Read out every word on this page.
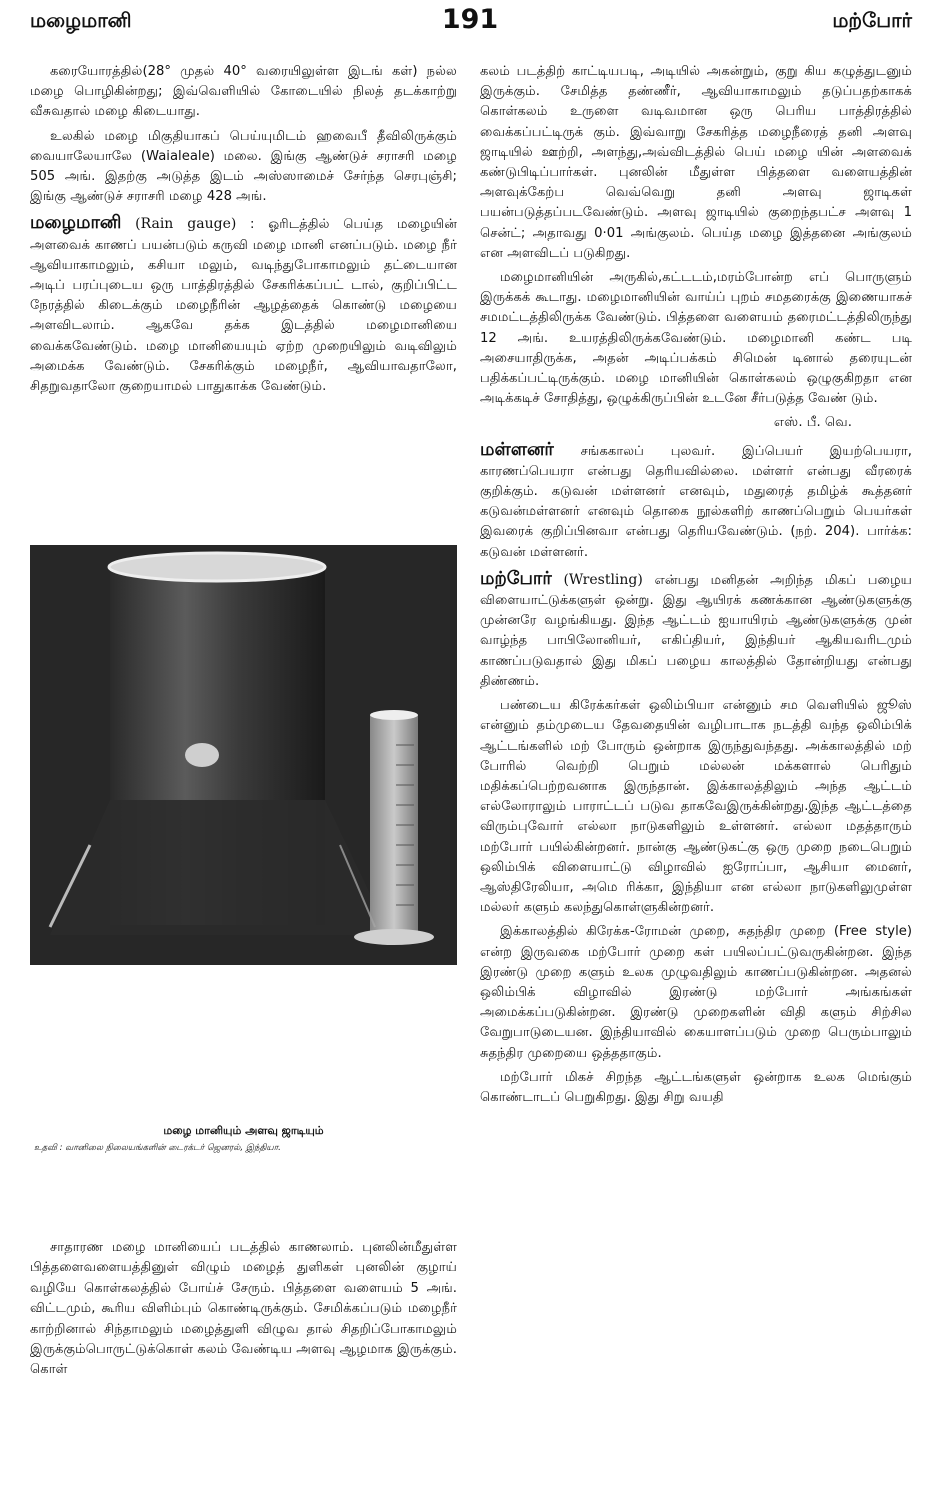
மழைமானி	191	மற்போர்

கரையோரத்தில்(28° முதல் 40° வரையிலுள்ள இடங் கள்) நல்ல மழை பொழிகின்றது; இவ்வெளியில் கோடையில் நிலத் தடக்காற்று வீசுவதால் மழை கிடையாது.

உலகில் மழை மிகுதியாகப் பெய்யுமிடம் ஹவைபீ தீவிலிருக்கும் வையாலேயாலே (Waialeale) மலை. இங்கு ஆண்டுச் சராசரி மழை 505 அங். இதற்கு அடுத்த இடம் அஸ்ஸாமைச் சேர்ந்த செரபுஞ்சி; இங்கு ஆண்டுச் சராசரி மழை 428 அங்.

மழைமானி (Rain gauge) : ஓரிடத்தில் பெய்த மழையின் அளவைக் காணப் பயன்படும் கருவி மழை மானி எனப்படும். மழை நீர் ஆவியாகாமலும், கசியா மலும், வடிந்துபோகாமலும் தட்டையான அடிப் பரப்புடைய ஒரு பாத்திரத்தில் சேகரிக்கப்பட் டால், குறிப்பிட்ட நேரத்தில் கிடைக்கும் மழைநீரின் ஆழத்தைக் கொண்டு மழையை அளவிடலாம். ஆகவே தக்க இடத்தில் மழைமானியை வைக்கவேண்டும். மழை மானியையும் ஏற்ற முறையிலும் வடிவிலும் அமைக்க வேண்டும். சேகரிக்கும் மழைநீர், ஆவியாவதாலோ, சிதறுவதாலோ குறையாமல் பாதுகாக்க வேண்டும்.

மழை மானியும் அளவு ஜாடியும்
உதவி : வானிலை நிலையங்களின் டைரக்டர் ஜெனரல், இந்தியா.

சாதாரண மழை மானியைப் படத்தில் காணலாம். புனலின்மீதுள்ள பித்தளைவளையத்தினுள் விழும் மழைத் துளிகள் புனலின் குழாய் வழியே கொள்கலத்தில் போய்ச் சேரும். பித்தளை வளையம் 5 அங். விட்டமும், கூரிய விளிம்பும் கொண்டிருக்கும். சேமிக்கப்படும் மழைநீர் காற்றினால் சிந்தாமலும் மழைத்துளி விழுவ தால் சிதறிப்போகாமலும் இருக்கும்பொருட்டுக்கொள் கலம் வேண்டிய அளவு ஆழமாக இருக்கும். கொள்

கலம் படத்திற் காட்டியபடி, அடியில் அகன்றும், குறு கிய கழுத்துடனும் இருக்கும். சேமித்த தண்ணீர், ஆவியாகாமலும் தடுப்பதற்காகக் கொள்கலம் உருளை வடிவமான ஒரு பெரிய பாத்திரத்தில் வைக்கப்பட்டிருக் கும். இவ்வாறு சேகரித்த மழைநீரைத் தனி அளவு ஜாடியில் ஊற்றி, அளந்து,அவ்விடத்தில் பெய் மழை யின் அளவைக் கண்டுபிடிப்பார்கள். புனலின் மீதுள்ள பித்தளை வளையத்தின் அளவுக்கேற்ப வெவ்வெறு தனி அளவு ஜாடிகள் பயன்படுத்தப்படவேண்டும். அளவு ஜாடியில் குறைந்தபட்ச அளவு 1 சென்ட்; அதாவது 0·01 அங்குலம். பெய்த மழை இத்தனை அங்குலம் என அளவிடப் படுகிறது.

மழைமானியின் அருகில்,கட்டடம்,மரம்போன்ற எப் பொருளும் இருக்கக் கூடாது. மழைமானியின் வாய்ப் புறம் சமதரைக்கு இணையாகச் சமமட்டத்திலிருக்க வேண்டும். பித்தளை வளையம் தரைமட்டத்திலிருந்து 12 அங். உயரத்திலிருக்கவேண்டும். மழைமானி கண்ட படி அசையாதிருக்க, அதன் அடிப்பக்கம் சிமென் டினால் தரையுடன் பதிக்கப்பட்டிருக்கும். மழை மானியின் கொள்கலம் ஒழுகுகிறதா என அடிக்கடிச் சோதித்து, ஒழுக்கிருப்பின் உடனே சீர்படுத்த வேண் டும்.

எஸ். பீ. வெ.

மள்ளனர் சங்ககாலப் புலவர். இப்பெயர் இயற்பெயரா, காரணப்பெயரா என்பது தெரியவில்லை. மள்ளர் என்பது வீரரைக் குறிக்கும். கடுவன் மள்ளனர் எனவும், மதுரைத் தமிழ்க் கூத்தனர் கடுவன்மள்ளனர் எனவும் தொகை நூல்களிற் காணப்பெறும் பெயர்கள் இவரைக் குறிப்பினவா என்பது தெரியவேண்டும். (நற். 204). பார்க்க: கடுவன் மள்ளனர்.

மற்போர் (Wrestling) என்பது மனிதன் அறிந்த மிகப் பழைய விளையாட்டுக்களுள் ஒன்று. இது ஆயிரக் கணக்கான ஆண்டுகளுக்கு முன்னரே வழங்கியது. இந்த ஆட்டம் ஐயாயிரம் ஆண்டுகளுக்கு முன் வாழ்ந்த பாபிலோனியர், எகிப்தியர், இந்தியர் ஆகியவரிடமும் காணப்படுவதால் இது மிகப் பழைய காலத்தில் தோன்றியது என்பது திண்ணம்.

பண்டைய கிரேக்கர்கள் ஒலிம்பியா என்னும் சம வெளியில் ஜூஸ் என்னும் தம்முடைய தேவதையின் வழிபாடாக நடத்தி வந்த ஒலிம்பிக் ஆட்டங்களில் மற் போரும் ஒன்றாக இருந்துவந்தது. அக்காலத்தில் மற் போரில் வெற்றி பெறும் மல்லன் மக்களால் பெரிதும் மதிக்கப்பெற்றவனாக இருந்தான். இக்காலத்திலும் அந்த ஆட்டம் எல்லோராலும் பாராட்டப் படுவ தாகவேஇருக்கின்றது.இந்த ஆட்டத்தை விரும்புவோர் எல்லா நாடுகளிலும் உள்ளனர். எல்லா மதத்தாரும் மற்போர் பயில்கின்றனர். நான்கு ஆண்டுகட்கு ஒரு முறை நடைபெறும் ஒலிம்பிக் விளையாட்டு விழாவில் ஐரோப்பா, ஆசியா மைனர், ஆஸ்திரேலியா, அமெ ரிக்கா, இந்தியா என எல்லா நாடுகளிலுமுள்ள மல்லர் களும் கலந்துகொள்ளுகின்றனர்.

இக்காலத்தில் கிரேக்க-ரோமன் முறை, சுதந்திர முறை (Free style) என்ற இருவகை மற்போர் முறை கள் பயிலப்பட்டுவருகின்றன. இந்த இரண்டு முறை களும் உலக முழுவதிலும் காணப்படுகின்றன. அதனல் ஒலிம்பிக் விழாவில் இரண்டு மற்போர் அங்கங்கள் அமைக்கப்படுகின்றன. இரண்டு முறைகளின் விதி களும் சிற்சில வேறுபாடுடையன. இந்தியாவில் கையாளப்படும் முறை பெரும்பாலும் சுதந்திர முறையை ஒத்ததாகும்.

மற்போர் மிகச் சிறந்த ஆட்டங்களுள் ஒன்றாக உலக மெங்கும் கொண்டாடப் பெறுகிறது. இது சிறு வயதி
